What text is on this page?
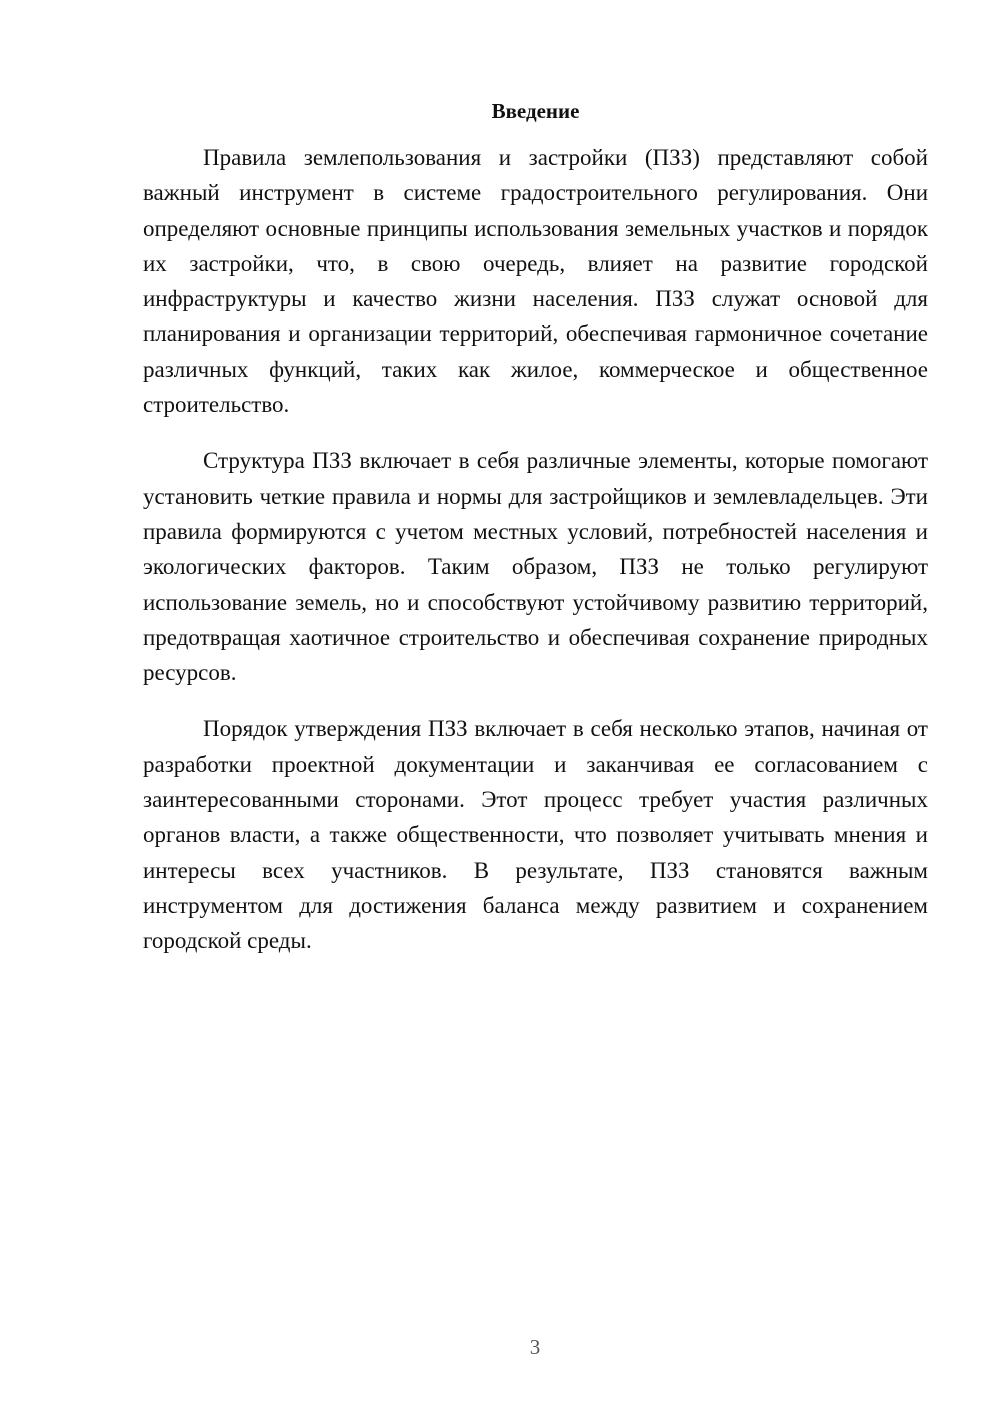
Введение

Правила землепользования и застройки (ПЗЗ) представляют собой важный инструмент в системе градостроительного регулирования. Они определяют основные принципы использования земельных участков и порядок их застройки, что, в свою очередь, влияет на развитие городской инфраструктуры и качество жизни населения. ПЗЗ служат основой для планирования и организации территорий, обеспечивая гармоничное сочетание различных функций, таких как жилое, коммерческое и общественное строительство.

Структура ПЗЗ включает в себя различные элементы, которые помогают установить четкие правила и нормы для застройщиков и землевладельцев. Эти правила формируются с учетом местных условий, потребностей населения и экологических факторов. Таким образом, ПЗЗ не только регулируют использование земель, но и способствуют устойчивому развитию территорий, предотвращая хаотичное строительство и обеспечивая сохранение природных ресурсов.

Порядок утверждения ПЗЗ включает в себя несколько этапов, начиная от разработки проектной документации и заканчивая ее согласованием с заинтересованными сторонами. Этот процесс требует участия различных органов власти, а также общественности, что позволяет учитывать мнения и интересы всех участников. В результате, ПЗЗ становятся важным инструментом для достижения баланса между развитием и сохранением городской среды.

3
